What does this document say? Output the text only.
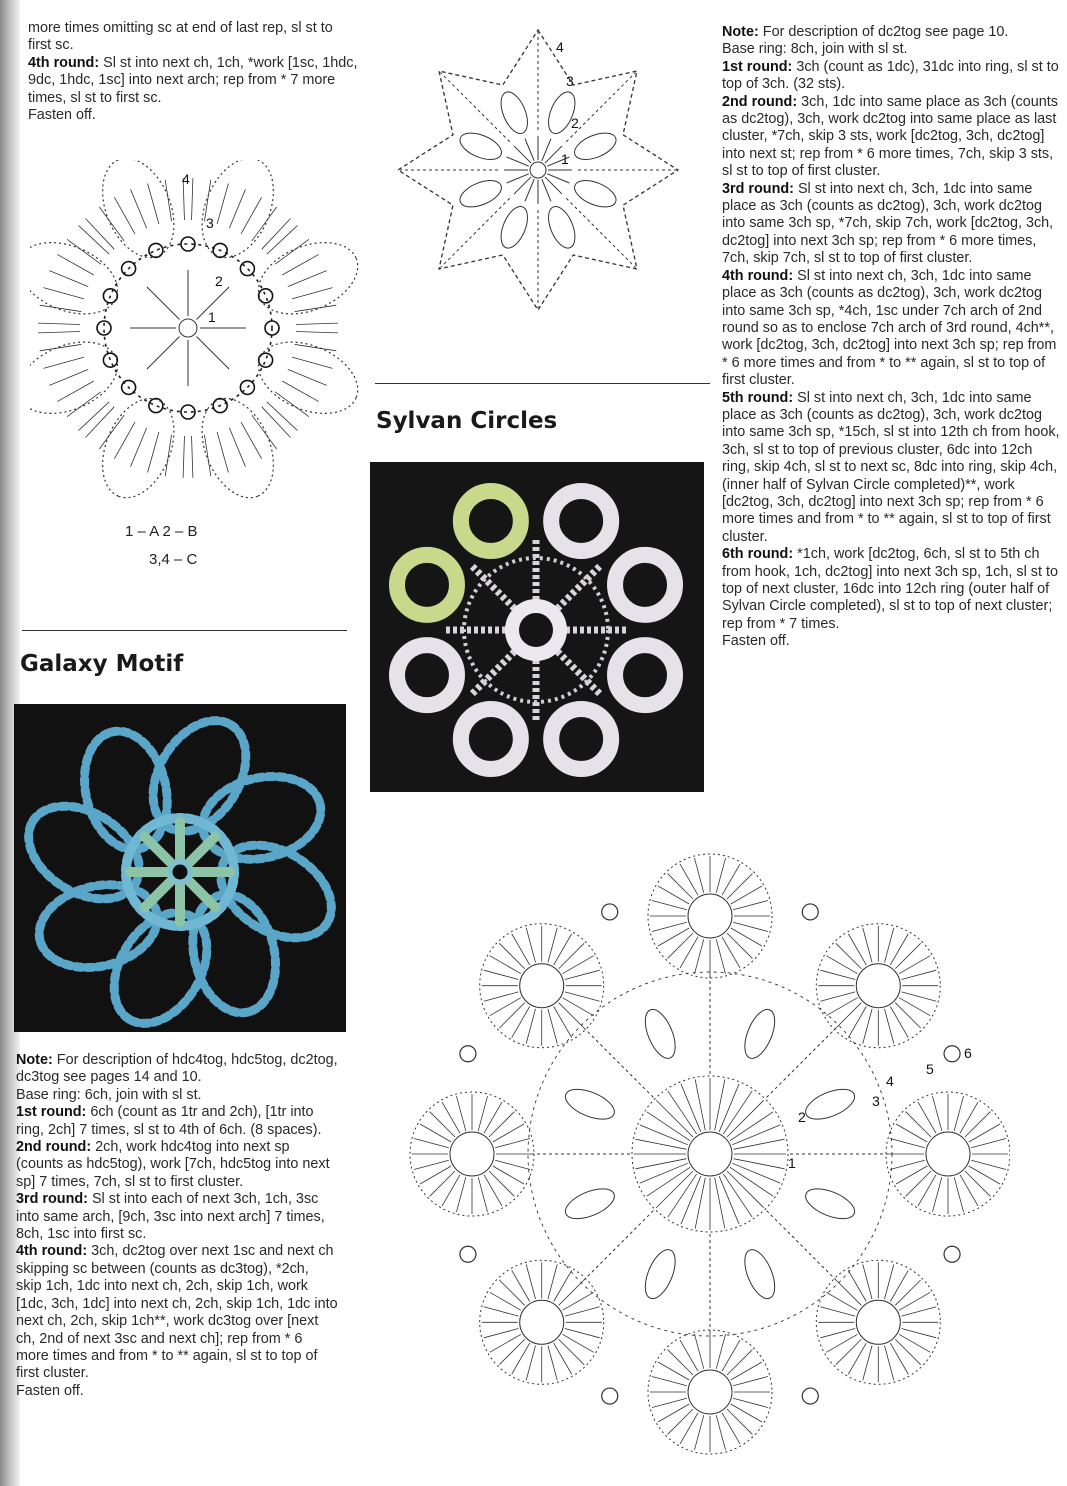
more times omitting sc at end of last rep, sl st to first sc.

4th round: Sl st into next ch, 1ch, *work [1sc, 1hdc, 9dc, 1hdc, 1sc] into next arch; rep from * 7 more times, sl st to first sc.

Fasten off.

1
2
3
4
1 – A 2 – B
3,4 – C
Galaxy Motif

Note: For description of hdc4tog, hdc5tog, dc2tog, dc3tog see pages 14 and 10.

Base ring: 6ch, join with sl st.

1st round: 6ch (count as 1tr and 2ch), [1tr into ring, 2ch] 7 times, sl st to 4th of 6ch. (8 spaces).

2nd round: 2ch, work hdc4tog into next sp (counts as hdc5tog), work [7ch, hdc5tog into next sp] 7 times, 7ch, sl st to first cluster.

3rd round: Sl st into each of next 3ch, 1ch, 3sc into same arch, [9ch, 3sc into next arch] 7 times, 8ch, 1sc into first sc.

4th round: 3ch, dc2tog over next 1sc and next ch skipping sc between (counts as dc3tog), *2ch, skip 1ch, 1dc into next ch, 2ch, skip 1ch, work [1dc, 3ch, 1dc] into next ch, 2ch, skip 1ch, 1dc into next ch, 2ch, skip 1ch**, work dc3tog over [next ch, 2nd of next 3sc and next ch]; rep from * 6 more times and from * to ** again, sl st to top of first cluster.

Fasten off.

1
2
3
4
Sylvan Circles

Note: For description of dc2tog see page 10.

Base ring: 8ch, join with sl st.

1st round: 3ch (count as 1dc), 31dc into ring, sl st to top of 3ch. (32 sts).

2nd round: 3ch, 1dc into same place as 3ch (counts as dc2tog), 3ch, work dc2tog into same place as last cluster, *7ch, skip 3 sts, work [dc2tog, 3ch, dc2tog] into next st; rep from * 6 more times, 7ch, skip 3 sts, sl st to top of first cluster.

3rd round: Sl st into next ch, 3ch, 1dc into same place as 3ch (counts as dc2tog), 3ch, work dc2tog into same 3ch sp, *7ch, skip 7ch, work [dc2tog, 3ch, dc2tog] into next 3ch sp; rep from * 6 more times, 7ch, skip 7ch, sl st to top of first cluster.

4th round: Sl st into next ch, 3ch, 1dc into same place as 3ch (counts as dc2tog), 3ch, work dc2tog into same 3ch sp, *4ch, 1sc under 7ch arch of 2nd round so as to enclose 7ch arch of 3rd round, 4ch**, work [dc2tog, 3ch, dc2tog] into next 3ch sp; rep from * 6 more times and from * to ** again, sl st to top of first cluster.

5th round: Sl st into next ch, 3ch, 1dc into same place as 3ch (counts as dc2tog), 3ch, work dc2tog into same 3ch sp, *15ch, sl st into 12th ch from hook, 3ch, sl st to top of previous cluster, 6dc into 12ch ring, skip 4ch, sl st to next sc, 8dc into ring, skip 4ch, (inner half of Sylvan Circle completed)**, work [dc2tog, 3ch, dc2tog] into next 3ch sp; rep from * 6 more times and from * to ** again, sl st to top of first cluster.

6th round: *1ch, work [dc2tog, 6ch, sl st to 5th ch from hook, 1ch, dc2tog] into next 3ch sp, 1ch, sl st to top of next cluster, 16dc into 12ch ring (outer half of Sylvan Circle completed), sl st to top of next cluster; rep from * 7 times.

Fasten off.

1
2
3
4
5
6
